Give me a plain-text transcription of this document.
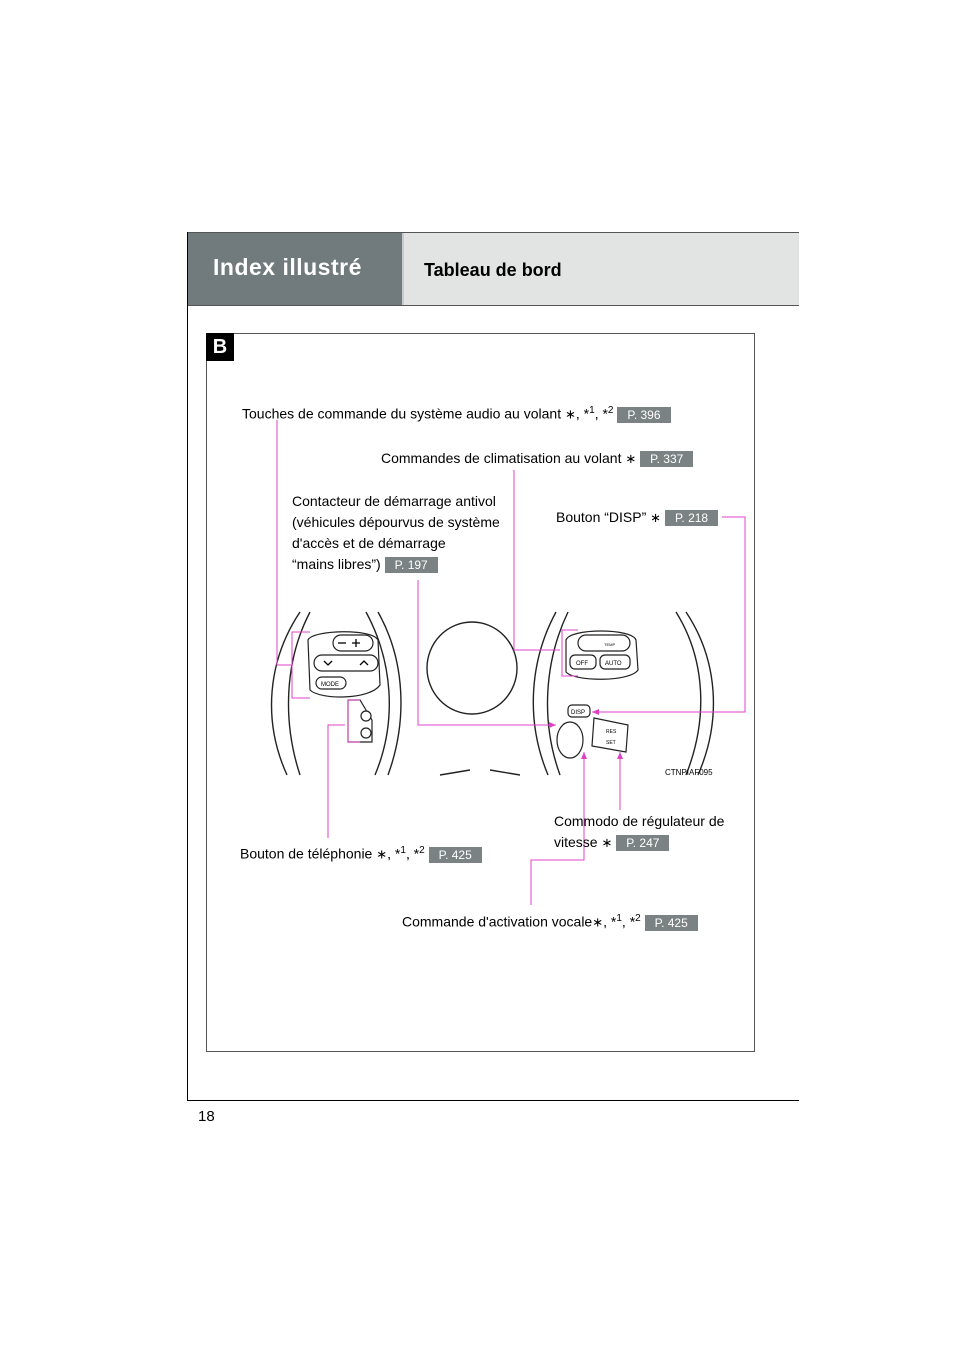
Index illustré	Tableau de bord
B
MODE
OFF	AUTO
TEMP
DISP
SET
RES
CTNPIAF095
Touches de commande du système audio au volant ∗, *$^1$, *$^2$ P. 396
Commandes de climatisation au volant ∗ P. 337
Contacteur de démarrage antivol
(véhicules dépourvus de système
d'accès et de démarrage
“mains libres”) P. 197
Bouton “DISP” ∗ P. 218
Bouton de téléphonie ∗, *$^1$, *$^2$ P. 425
Commodo de régulateur de
vitesse ∗ P. 247
Commande d'activation vocale∗, *$^1$, *$^2$ P. 425
18
